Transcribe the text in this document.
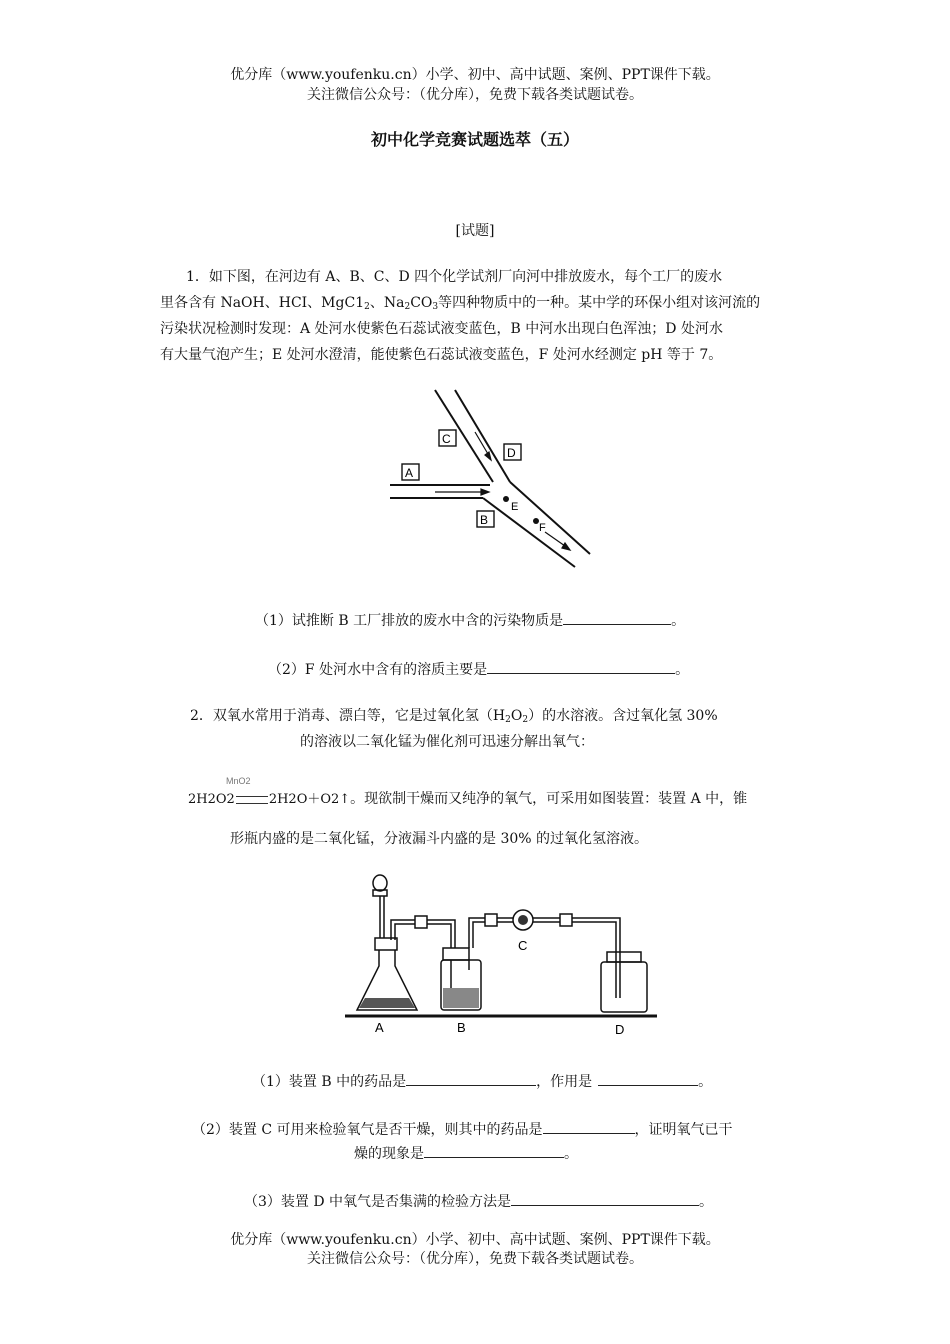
优分库（www.youfenku.cn）小学、初中、高中试题、案例、PPT课件下载。
关注微信公众号：（优分库），免费下载各类试题试卷。
初中化学竞赛试题选萃（五）
[试题]
1．如下图，在河边有 A、B、C、D 四个化学试剂厂向河中排放废水，每个工厂的废水
里各含有 NaOH、HCI、$MgC1_2$、$Na_2CO_3$等四种物质中的一种。某中学的环保小组对该河流的
污染状况检测时发现：A 处河水使紫色石蕊试液变蓝色，B 中河水出现白色浑浊；D 处河水
有大量气泡产生；E 处河水澄清，能使紫色石蕊试液变蓝色，F 处河水经测定 pH 等于 7。
A
C
D
B
E
F
（1）试推断 B 工厂排放的废水中含的污染物质是	。
（2）F 处河水中含有的溶质主要是	。
2．双氧水常用于消毒、漂白等，它是过氧化氢$(H_2O_2)$的水溶液。含过氧化氢 30%
的溶液以二氧化锰为催化剂可迅速分解出氧气：
MnO2
2H2O2	2H2O＋O2↑。现欲制干燥而又纯净的氧气，可采用如图装置：装置 A 中，锥
形瓶内盛的是二氧化锰，分液漏斗内盛的是 30% 的过氧化氢溶液。
A	B
C
D
（1）装置 B 中的药品是	，作用是	。
（2）装置 C 可用来检验氧气是否干燥，则其中的药品是	，证明氧气已干
燥的现象是	。
（3）装置 D 中氧气是否集满的检验方法是	。
优分库（www.youfenku.cn）小学、初中、高中试题、案例、PPT课件下载。
关注微信公众号：（优分库），免费下载各类试题试卷。
